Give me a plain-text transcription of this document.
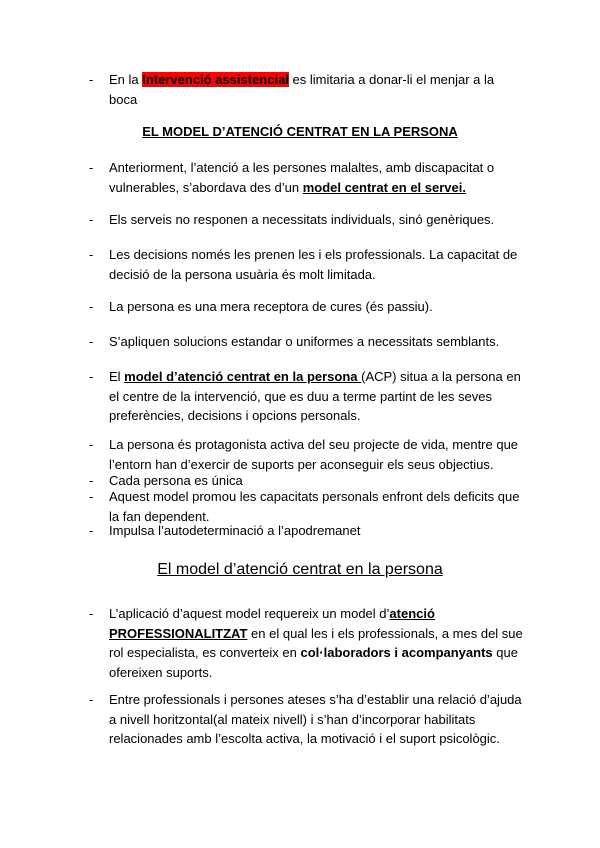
- En la Intervenció assistencial es limitaria a donar-li el menjar a la boca
EL MODEL D’ATENCIÓ CENTRAT EN LA PERSONA
- Anteriorment, l’atenció a les persones malaltes, amb discapacitat o vulnerables, s’abordava des d’un model centrat en el servei.
- Els serveis no responen a necessitats individuals, sinó genèriques.
- Les decisions només les prenen les i els professionals. La capacitat de decisió de la persona usuària és molt limitada.
- La persona es una mera receptora de cures (és passiu).
- S’apliquen solucions estandar o uniformes a necessitats semblants.
- El model d’atenció centrat en la persona (ACP) situa a la persona en el centre de la intervenció, que es duu a terme partint de les seves preferències, decisions i opcions personals.
- La persona és protagonista activa del seu projecte de vida, mentre que l’entorn han d’exercir de suports per aconseguir els seus objectius.
- Cada persona es única
- Aquest model promou les capacitats personals enfront dels deficits que la fan dependent.
- Impulsa l’autodeterminació a l’apodremanet
El model d’atenció centrat en la persona
- L’aplicació d’aquest model requereix un model d’atenció PROFESSIONALITZAT en el qual les i els professionals, a mes del sue rol especialista, es converteix en col·laboradors i acompanyants que ofereixen suports.
- Entre professionals i persones ateses s’ha d’establir una relació d’ajuda a nivell horitzontal(al mateix nivell) i s’han d’incorporar habilitats relacionades amb l’escolta activa, la motivació i el suport psicològic.
